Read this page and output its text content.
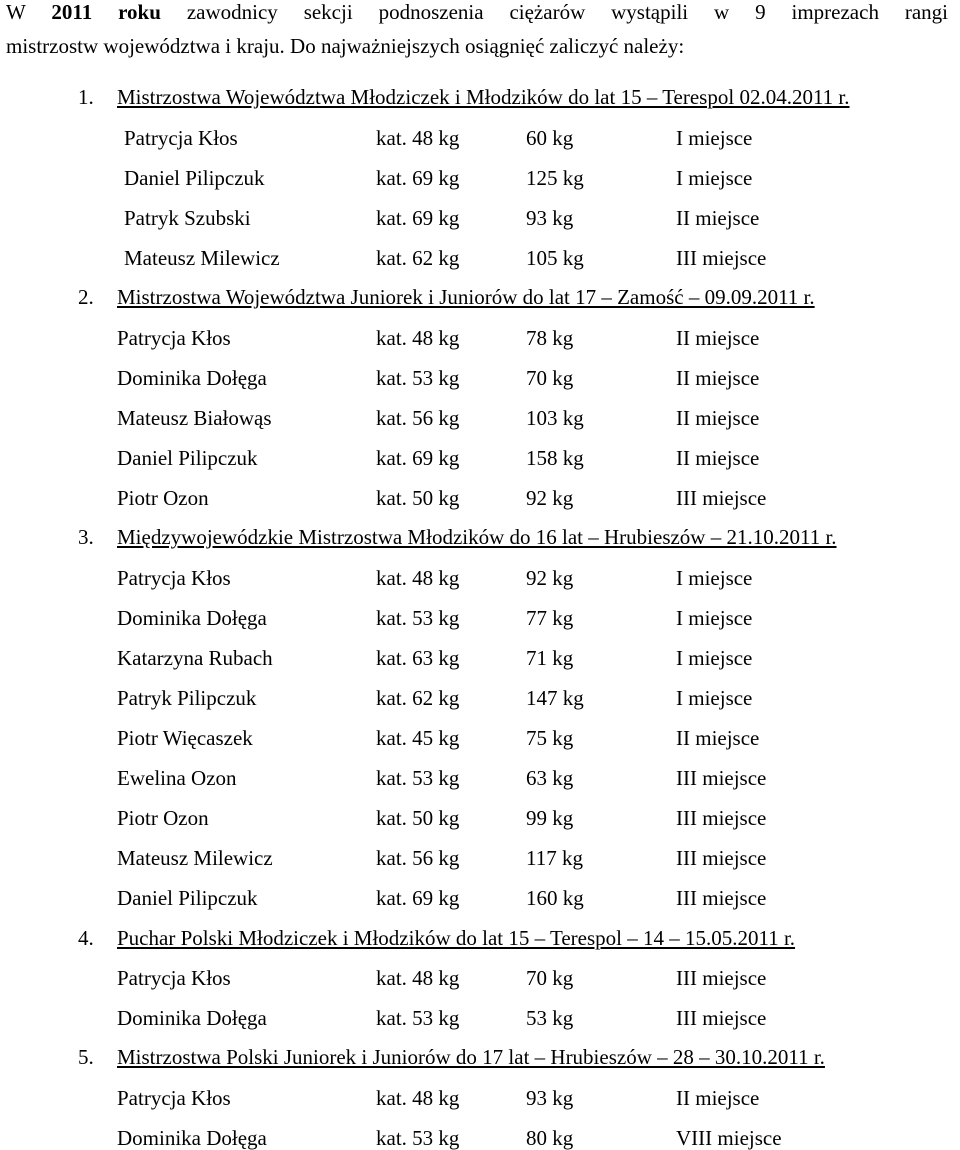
W 2011 roku zawodnicy sekcji podnoszenia ciężarów wystąpili w 9 imprezach rangi
mistrzostw województwa i kraju. Do najważniejszych osiągnięć zaliczyć należy:
1. Mistrzostwa Województwa Młodziczek i Młodzików do lat 15 – Terespol 02.04.2011 r.
Patrycja Kłos	kat. 48 kg	60 kg	I miejsce
Daniel Pilipczuk	kat. 69 kg	125 kg	I miejsce
Patryk Szubski	kat. 69 kg	93 kg	II miejsce
Mateusz Milewicz	kat. 62 kg	105 kg	III miejsce
2. Mistrzostwa Województwa Juniorek i Juniorów do lat 17 – Zamość – 09.09.2011 r.
Patrycja Kłos	kat. 48 kg	78 kg	II miejsce
Dominika Dołęga	kat. 53 kg	70 kg	II miejsce
Mateusz Białowąs	kat. 56 kg	103 kg	II miejsce
Daniel Pilipczuk	kat. 69 kg	158 kg	II miejsce
Piotr Ozon	kat. 50 kg	92 kg	III miejsce
3. Międzywojewódzkie Mistrzostwa Młodzików do 16 lat – Hrubieszów – 21.10.2011 r.
Patrycja Kłos	kat. 48 kg	92 kg	I miejsce
Dominika Dołęga	kat. 53 kg	77 kg	I miejsce
Katarzyna Rubach	kat. 63 kg	71 kg	I miejsce
Patryk Pilipczuk	kat. 62 kg	147 kg	I miejsce
Piotr Więcaszek	kat. 45 kg	75 kg	II miejsce
Ewelina Ozon	kat. 53 kg	63 kg	III miejsce
Piotr Ozon	kat. 50 kg	99 kg	III miejsce
Mateusz Milewicz	kat. 56 kg	117 kg	III miejsce
Daniel Pilipczuk	kat. 69 kg	160 kg	III miejsce
4. Puchar Polski Młodziczek i Młodzików do lat 15 – Terespol – 14 – 15.05.2011 r.
Patrycja Kłos	kat. 48 kg	70 kg	III miejsce
Dominika Dołęga	kat. 53 kg	53 kg	III miejsce
5. Mistrzostwa Polski Juniorek i Juniorów do 17 lat – Hrubieszów – 28 – 30.10.2011 r.
Patrycja Kłos	kat. 48 kg	93 kg	II miejsce
Dominika Dołęga	kat. 53 kg	80 kg	VIII miejsce
